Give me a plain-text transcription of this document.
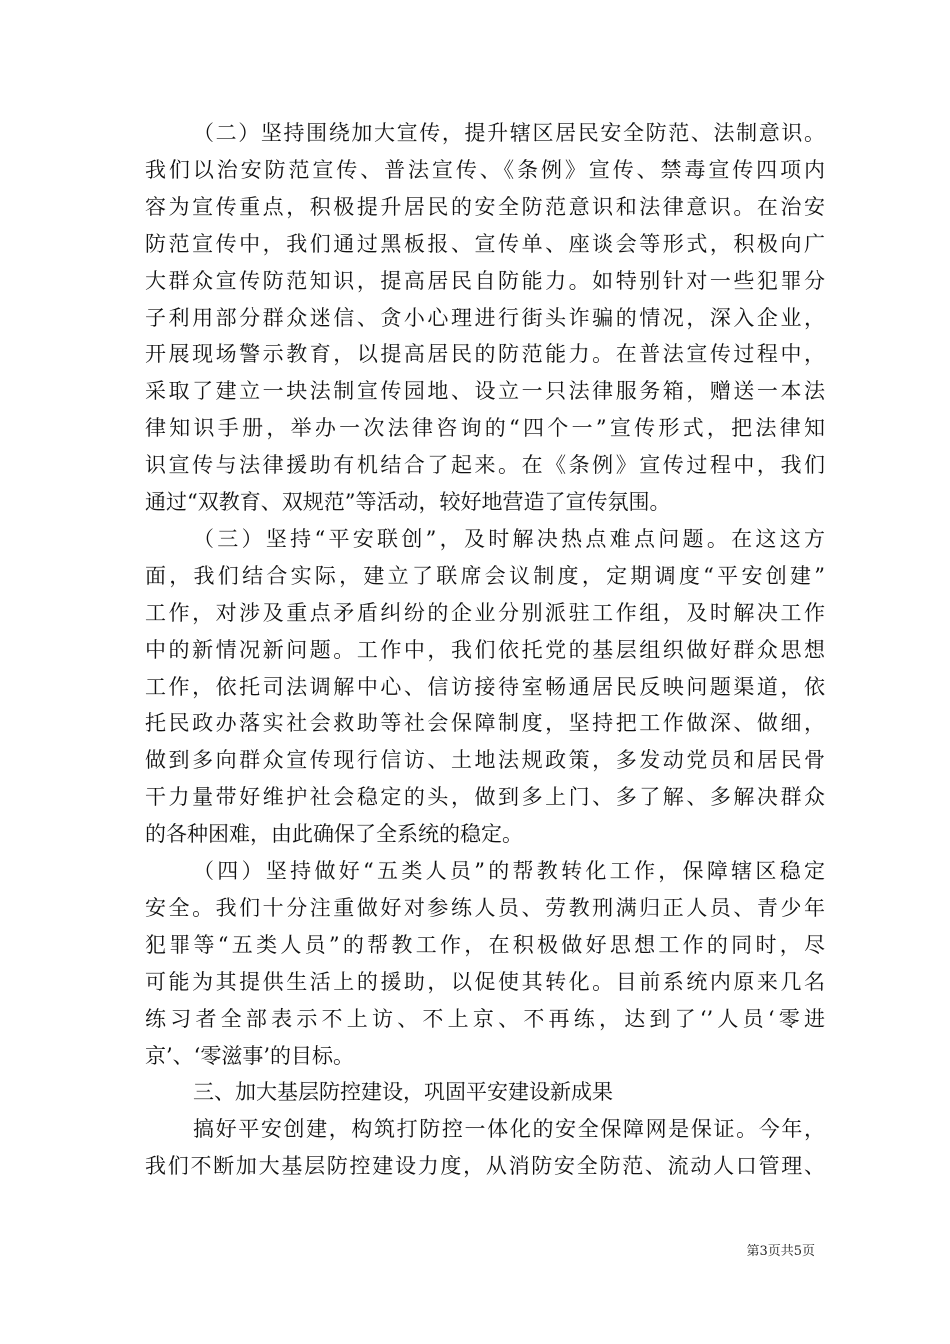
（二）坚持围绕加大宣传，提升辖区居民安全防范、法制意识。
我们以治安防范宣传、普法宣传、《条例》宣传、禁毒宣传四项内
容为宣传重点，积极提升居民的安全防范意识和法律意识。在治安
防范宣传中，我们通过黑板报、宣传单、座谈会等形式，积极向广
大群众宣传防范知识，提高居民自防能力。如特别针对一些犯罪分
子利用部分群众迷信、贪小心理进行街头诈骗的情况，深入企业，
开展现场警示教育，以提高居民的防范能力。在普法宣传过程中，
采取了建立一块法制宣传园地、设立一只法律服务箱，赠送一本法
律知识手册，举办一次法律咨询的“四个一”宣传形式，把法律知
识宣传与法律援助有机结合了起来。在《条例》宣传过程中，我们
通过“双教育、双规范”等活动，较好地营造了宣传氛围。
（三）坚持“平安联创”，及时解决热点难点问题。在这这方
面，我们结合实际，建立了联席会议制度，定期调度“平安创建”
工作，对涉及重点矛盾纠纷的企业分别派驻工作组，及时解决工作
中的新情况新问题。工作中，我们依托党的基层组织做好群众思想
工作，依托司法调解中心、信访接待室畅通居民反映问题渠道，依
托民政办落实社会救助等社会保障制度，坚持把工作做深、做细，
做到多向群众宣传现行信访、土地法规政策，多发动党员和居民骨
干力量带好维护社会稳定的头，做到多上门、多了解、多解决群众
的各种困难，由此确保了全系统的稳定。
（四）坚持做好“五类人员”的帮教转化工作，保障辖区稳定
安全。我们十分注重做好对参练人员、劳教刑满归正人员、青少年
犯罪等“五类人员”的帮教工作，在积极做好思想工作的同时，尽
可能为其提供生活上的援助，以促使其转化。目前系统内原来几名
练习者全部表示不上访、不上京、不再练，达到了‘’人员‘零进
京’、‘零滋事’的目标。
三、加大基层防控建设，巩固平安建设新成果
搞好平安创建，构筑打防控一体化的安全保障网是保证。今年，
我们不断加大基层防控建设力度，从消防安全防范、流动人口管理、
第3页共5页
